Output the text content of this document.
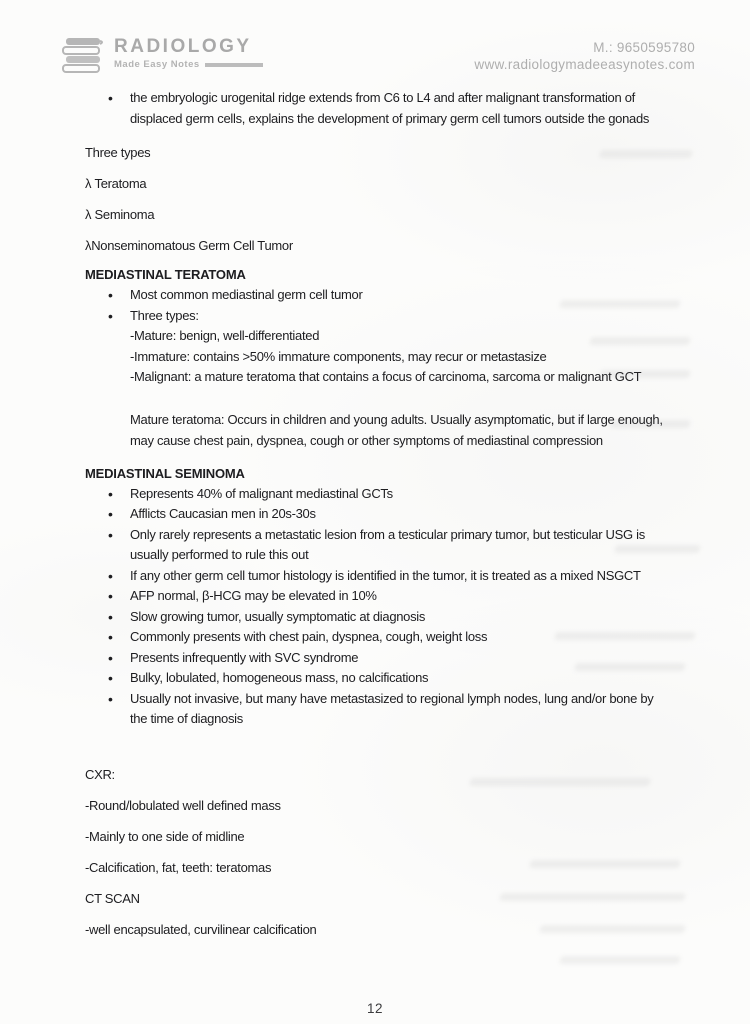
RADIOLOGY
Made Easy Notes
M.: 9650595780
www.radiologymadeeasynotes.com
• the embryologic urogenital ridge extends from C6 to L4 and after malignant transformation of displaced germ cells, explains the development of primary germ cell tumors outside the gonads

Three types

λ Teratoma

λ Seminoma

λNonseminomatous Germ Cell Tumor

MEDIASTINAL TERATOMA

• Most common mediastinal germ cell tumor
• Three types:
-Mature: benign, well-differentiated
-Immature: contains >50% immature components, may recur or metastasize
-Malignant: a mature teratoma that contains a focus of carcinoma, sarcoma or malignant GCT

Mature teratoma: Occurs in children and young adults. Usually asymptomatic, but if large enough, may cause chest pain, dyspnea, cough or other symptoms of mediastinal compression

MEDIASTINAL SEMINOMA

• Represents 40% of malignant mediastinal GCTs
• Afflicts Caucasian men in 20s-30s
• Only rarely represents a metastatic lesion from a testicular primary tumor, but testicular USG is usually performed to rule this out
• If any other germ cell tumor histology is identified in the tumor, it is treated as a mixed NSGCT
• AFP normal, β-HCG may be elevated in 10%
• Slow growing tumor, usually symptomatic at diagnosis
• Commonly presents with chest pain, dyspnea, cough, weight loss
• Presents infrequently with SVC syndrome
• Bulky, lobulated, homogeneous mass, no calcifications
• Usually not invasive, but many have metastasized to regional lymph nodes, lung and/or bone by the time of diagnosis

CXR:

-Round/lobulated well defined mass

-Mainly to one side of midline

-Calcification, fat, teeth: teratomas

CT SCAN

-well encapsulated, curvilinear calcification

12
